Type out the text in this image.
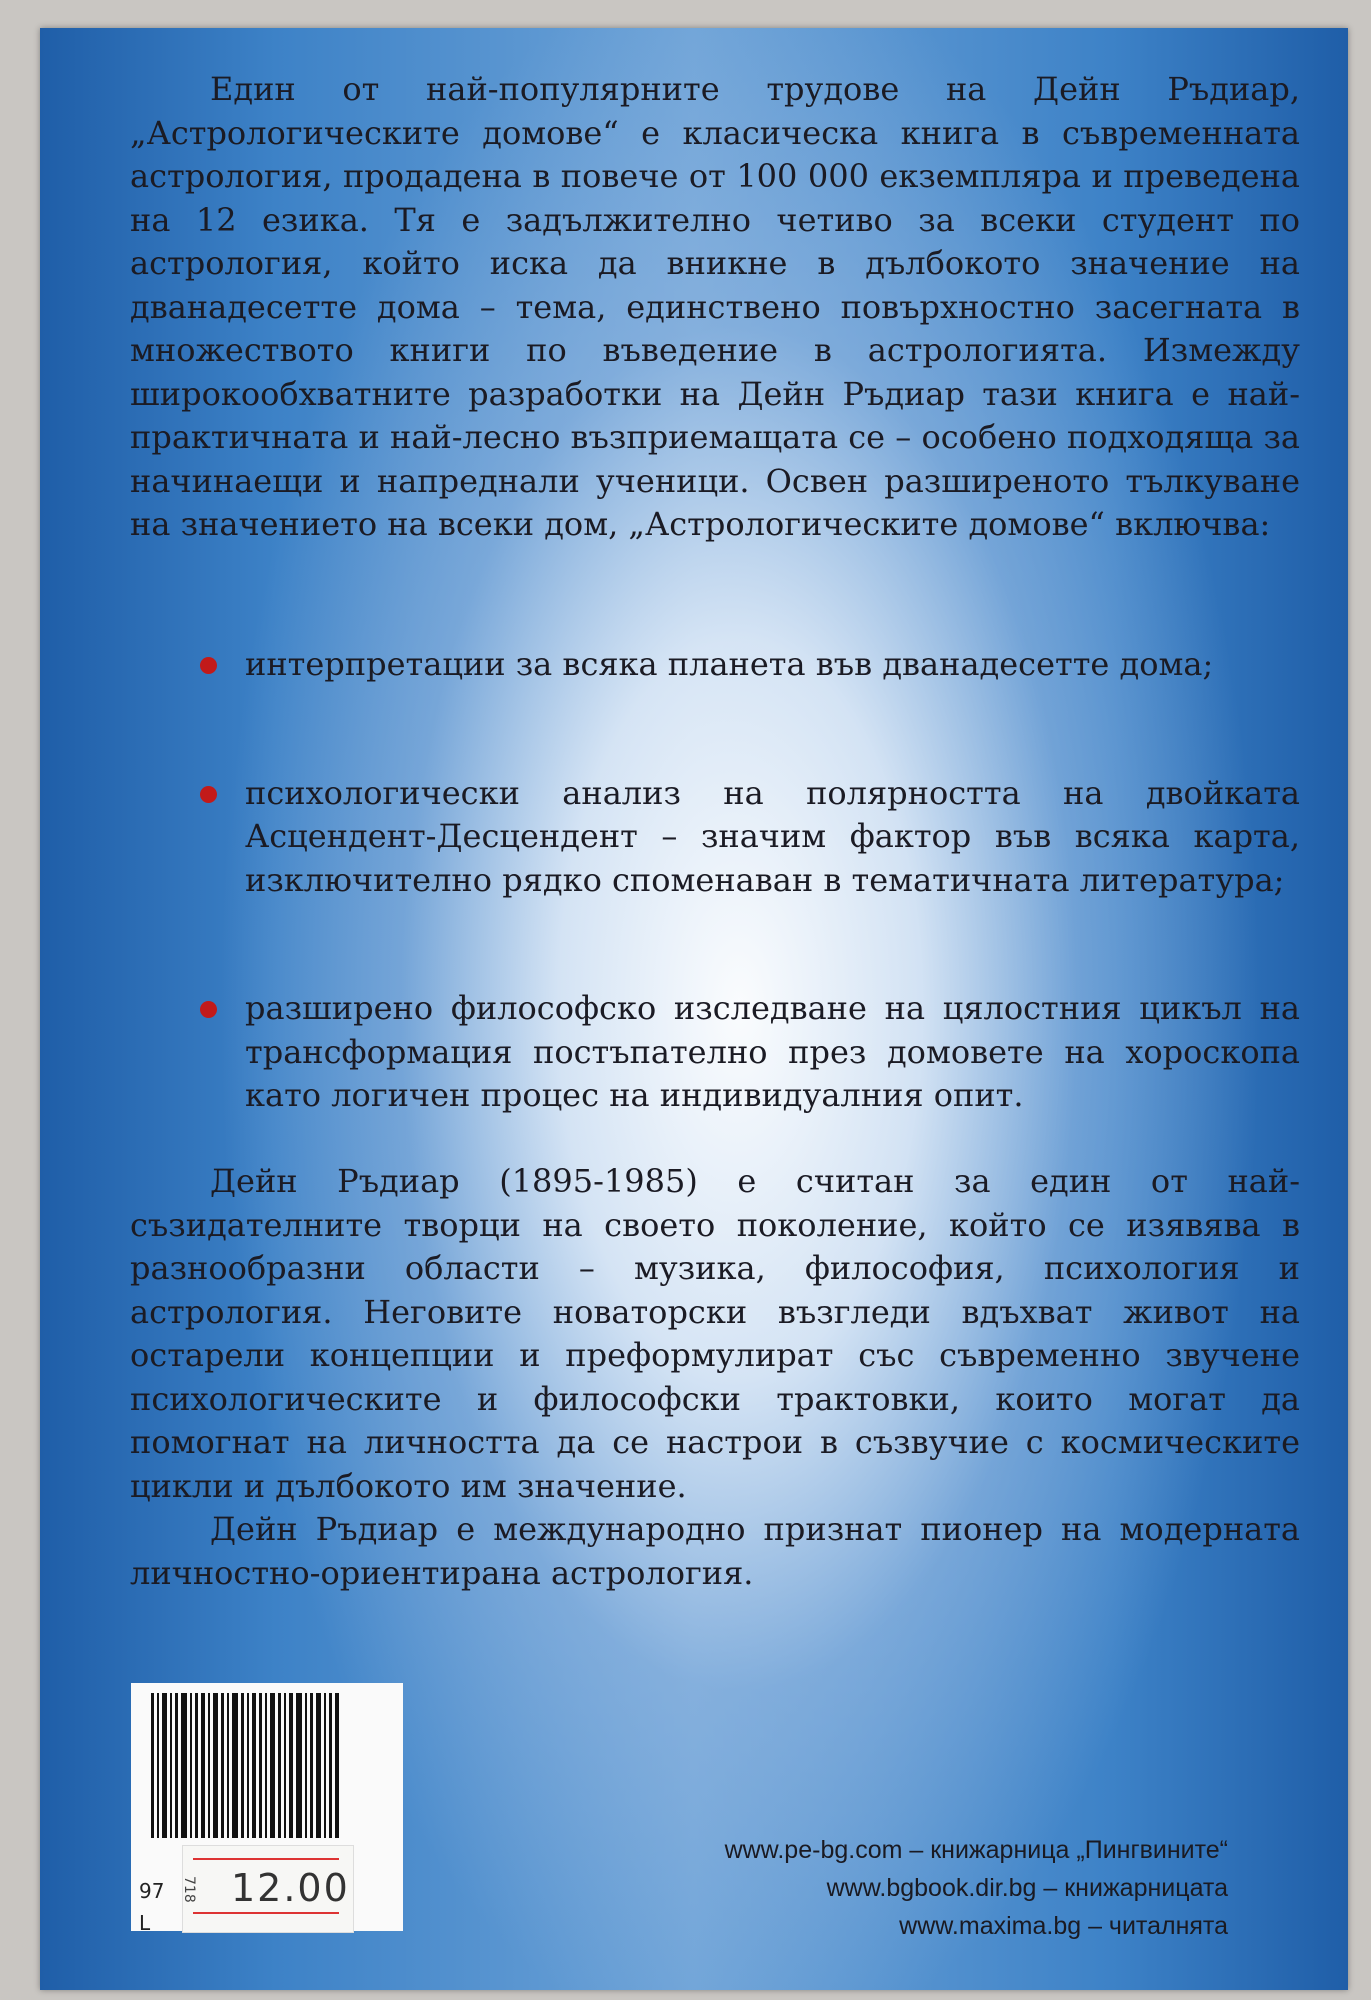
Един от най-популярните трудове на Дейн Ръдиар, „Астрологическите домове“ е класическа книга в съвременната астрология, продадена в повече от 100 000 екземпляра и преведена на 12 езика. Тя е задължително четиво за всеки студент по астрология, който иска да вникне в дълбокото значение на дванадесетте дома – тема, единствено повърхностно засегната в множеството книги по въведение в астрологията. Измежду широкообхватните разработки на Дейн Ръдиар тази книга е най-практичната и най-лесно възприемащата се – особено подходяща за начинаещи и напреднали ученици. Освен разширеното тълкуване на значението на всеки дом, „Астрологическите домове“ включва:

интерпретации за всяка планета във дванадесетте дома;

психологически анализ на полярността на двойката Асцендент-Десцендент – значим фактор във всяка карта, изключително рядко споменаван в тематичната литература;

разширено философско изследване на цялостния цикъл на трансформация постъпателно през домовете на хороскопа като логичен процес на индивидуалния опит.

Дейн Ръдиар (1895-1985) е считан за един от най-съзидателните творци на своето поколение, който се изявява в разнообразни области – музика, философия, психология и астрология. Неговите новаторски възгледи вдъхват живот на остарели концепции и преформулират със съвременно звучене психологическите и философски трактовки, които могат да помогнат на личността да се настрои в съзвучие с космическите цикли и дълбокото им значение.

Дейн Ръдиар е международно признат пионер на модерната личностно-ориентирана астрология.

97
L
718 12.00
www.pe-bg.com – книжарница „Пингвините“
www.bgbook.dir.bg – книжарницата
www.maxima.bg – читалнята
